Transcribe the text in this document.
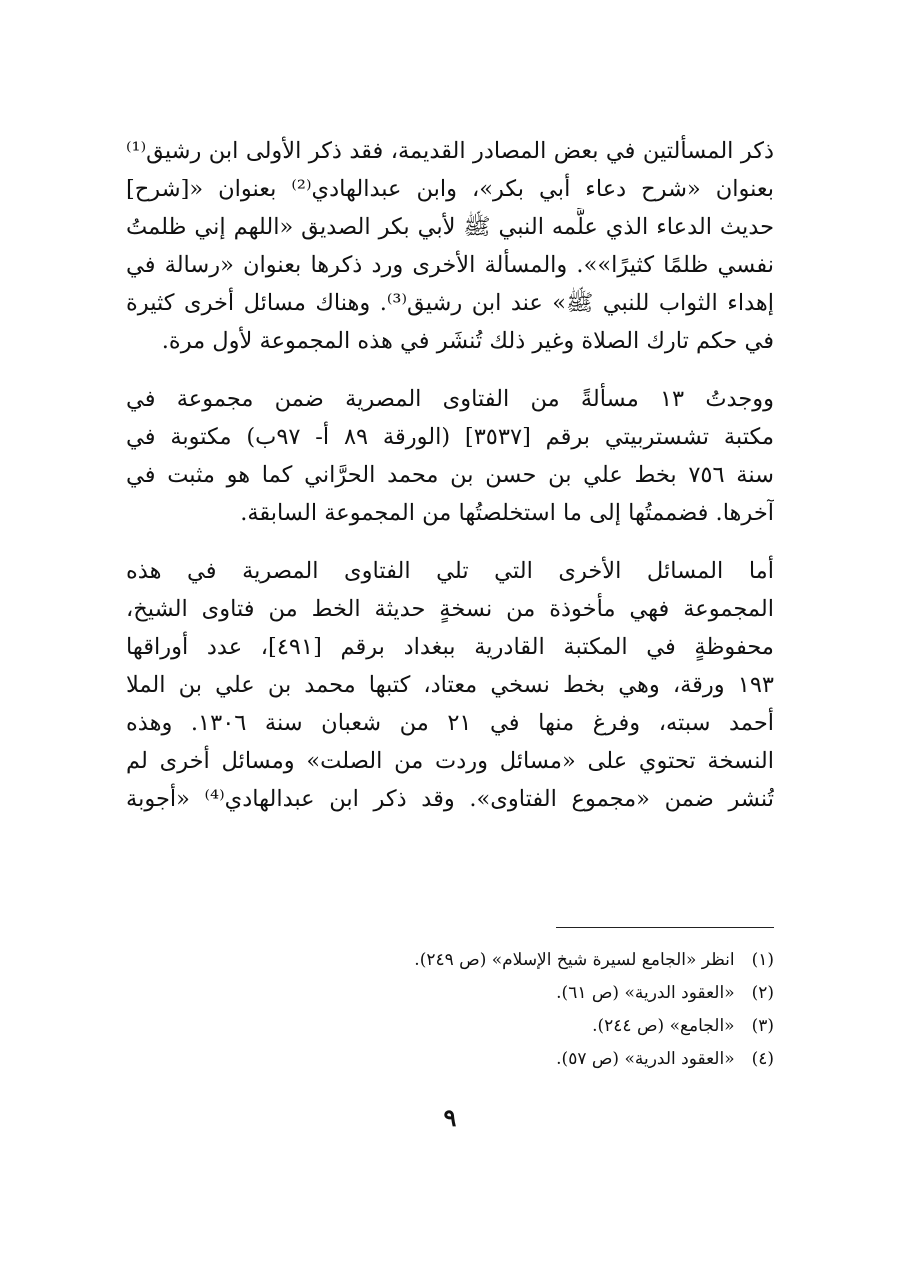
ذكر المسألتين في بعض المصادر القديمة، فقد ذكر الأولى ابن رشيق⁽¹⁾
بعنوان «شرح دعاء أبي بكر»، وابن عبدالهادي⁽²⁾ بعنوان «[شرح]
حديث الدعاء الذي علَّمه النبي ﷺ لأبي بكر الصديق «اللهم إني ظلمتُ
نفسي ظلمًا كثيرًا»». والمسألة الأخرى ورد ذكرها بعنوان «رسالة في
إهداء الثواب للنبي ﷺ» عند ابن رشيق⁽³⁾. وهناك مسائل أخرى كثيرة
في حكم تارك الصلاة وغير ذلك تُنشَر في هذه المجموعة لأول مرة.
ووجدتُ ١٣ مسألةً من الفتاوى المصرية ضمن مجموعة في
مكتبة تشستربيتي برقم [٣٥٣٧] (الورقة ٨٩ أ- ٩٧ب) مكتوبة في
سنة ٧٥٦ بخط علي بن حسن بن محمد الحرَّاني كما هو مثبت في
آخرها. فضممتُها إلى ما استخلصتُها من المجموعة السابقة.
أما المسائل الأخرى التي تلي الفتاوى المصرية في هذه
المجموعة فهي مأخوذة من نسخةٍ حديثة الخط من فتاوى الشيخ،
محفوظةٍ في المكتبة القادرية ببغداد برقم [٤٩١]، عدد أوراقها
١٩٣ ورقة، وهي بخط نسخي معتاد، كتبها محمد بن علي بن الملا
أحمد سبته، وفرغ منها في ٢١ من شعبان سنة ١٣٠٦. وهذه
النسخة تحتوي على «مسائل وردت من الصلت» ومسائل أخرى لم
تُنشر ضمن «مجموع الفتاوى». وقد ذكر ابن عبدالهادي⁽⁴⁾ «أجوبة
(١) انظر «الجامع لسيرة شيخ الإسلام» (ص ٢٤٩).
(٢) «العقود الدرية» (ص ٦١).
(٣) «الجامع» (ص ٢٤٤).
(٤) «العقود الدرية» (ص ٥٧).
٩
